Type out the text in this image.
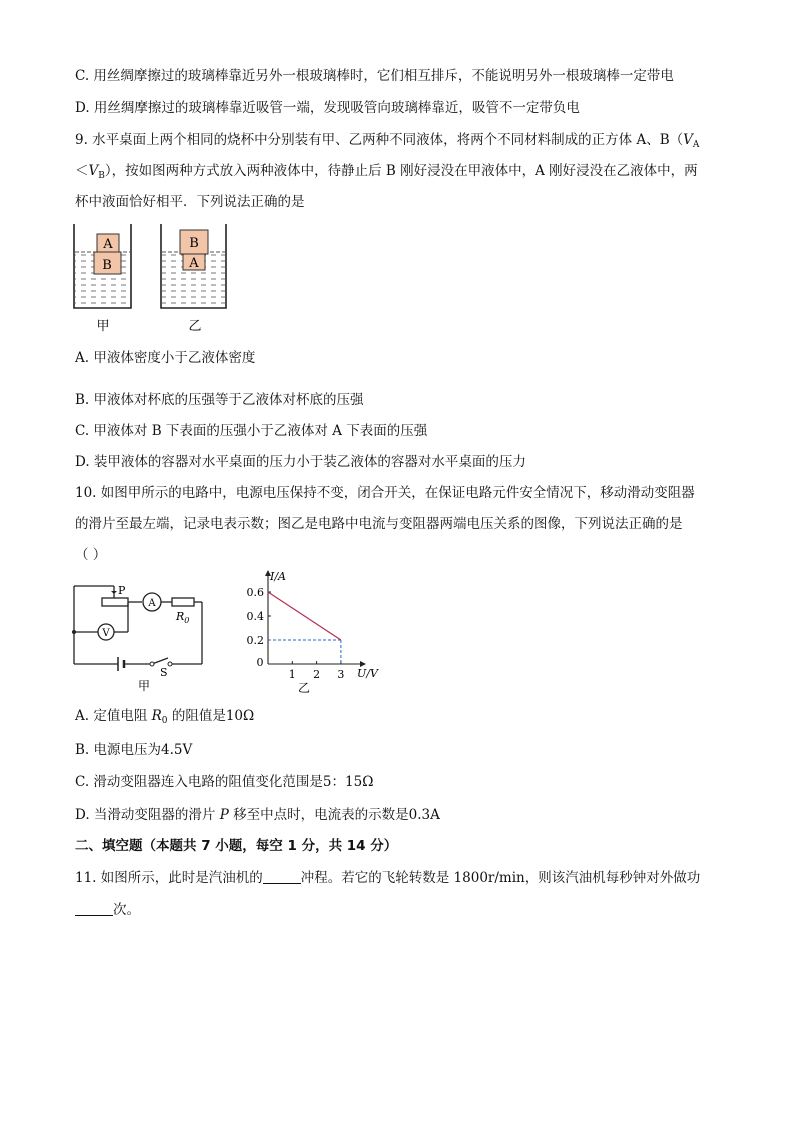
C. 用丝绸摩擦过的玻璃棒靠近另外一根玻璃棒时，它们相互排斥，不能说明另外一根玻璃棒一定带电
D. 用丝绸摩擦过的玻璃棒靠近吸管一端，发现吸管向玻璃棒靠近，吸管不一定带负电
9. 水平桌面上两个相同的烧杯中分别装有甲、乙两种不同液体，将两个不同材料制成的正方体 A、$B(V_A$
$<V_B$），按如图两种方式放入两种液体中，待静止后 B 刚好浸没在甲液体中，A 刚好浸没在乙液体中，两
杯中液面恰好相平．下列说法正确的是
A
B
甲
B
A
乙
A. 甲液体密度小于乙液体密度
B. 甲液体对杯底的压强等于乙液体对杯底的压强
C. 甲液体对 B 下表面的压强小于乙液体对 A 下表面的压强
D. 装甲液体的容器对水平桌面的压力小于装乙液体的容器对水平桌面的压力
10. 如图甲所示的电路中，电源电压保持不变，闭合开关，在保证电路元件安全情况下，移动滑动变阻器
的滑片至最左端，记录电表示数；图乙是电路中电流与变阻器两端电压关系的图像，下列说法正确的是
（ ）
P
A
V
$R_0$
S
甲
0
1 2 3
0.2
0.4
0.6
I/A
U/V
乙
A. 定值电阻 $R_0$ 的阻值是10Ω
B. 电源电压为4.5V
C. 滑动变阻器连入电路的阻值变化范围是5：15Ω
D. 当滑动变阻器的滑片 P 移至中点时，电流表的示数是0.3A
二、填空题（本题共 7 小题，每空 1 分，共 14 分）
11. 如图所示，此时是汽油机的	冲程。若它的飞轮转数是 1800r/min，则该汽油机每秒钟对外做功
次。
